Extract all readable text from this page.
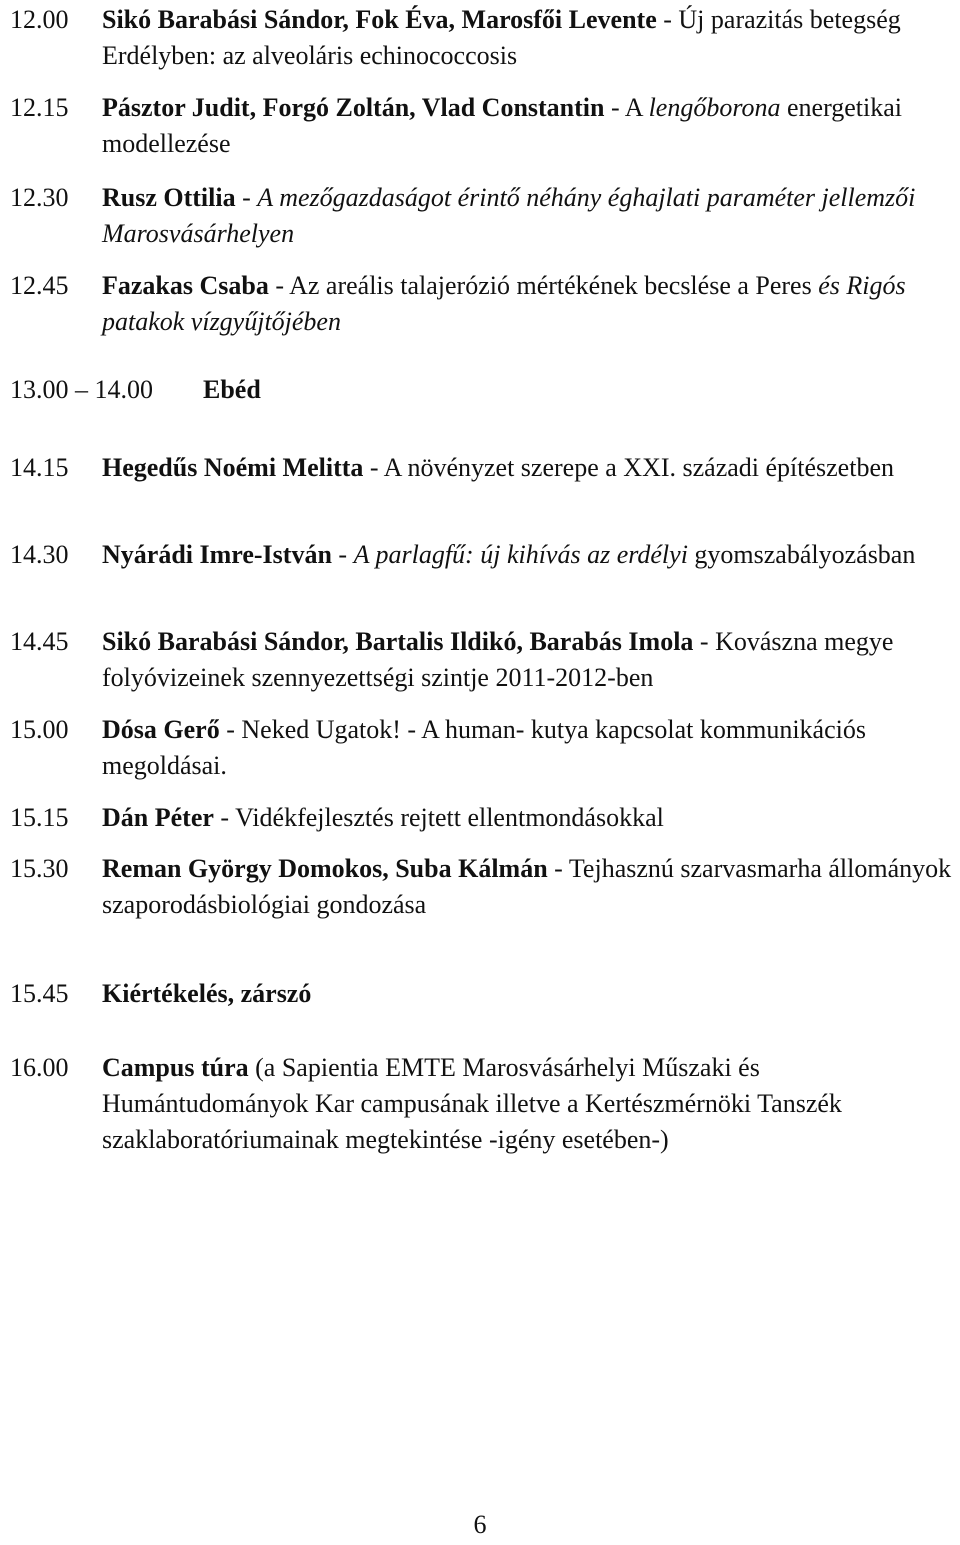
12.00 Sikó Barabási Sándor, Fok Éva, Marosfői Levente - Új parazitás betegség Erdélyben: az alveoláris echinococcosis
12.15 Pásztor Judit, Forgó Zoltán, Vlad Constantin - A lengőborona energetikai modellezése
12.30 Rusz Ottilia - A mezőgazdaságot érintő néhány éghajlati paraméter jellemzői Marosvásárhelyen
12.45 Fazakas Csaba - Az areális talajerózió mértékének becslése a Peres és Rigós patakok vízgyűjtőjében
13.00 – 14.00 Ebéd
14.15 Hegedűs Noémi Melitta - A növényzet szerepe a XXI. századi építészetben
14.30 Nyárádi Imre-István - A parlagfű: új kihívás az erdélyi gyomszabályozásban
14.45 Sikó Barabási Sándor, Bartalis Ildikó, Barabás Imola - Kovászna megye folyóvizeinek szennyezettségi szintje 2011-2012-ben
15.00 Dósa Gerő - Neked Ugatok! - A human- kutya kapcsolat kommunikációs megoldásai.
15.15 Dán Péter - Vidékfejlesztés rejtett ellentmondásokkal
15.30 Reman György Domokos, Suba Kálmán - Tejhasznú szarvasmarha állományok szaporodásbiológiai gondozása
15.45 Kiértékelés, zárszó
16.00 Campus túra (a Sapientia EMTE Marosvásárhelyi Műszaki és Humántudományok Kar campusának illetve a Kertészmérnöki Tanszék szaklaboratóriumainak megtekintése -igény esetében-)
6
